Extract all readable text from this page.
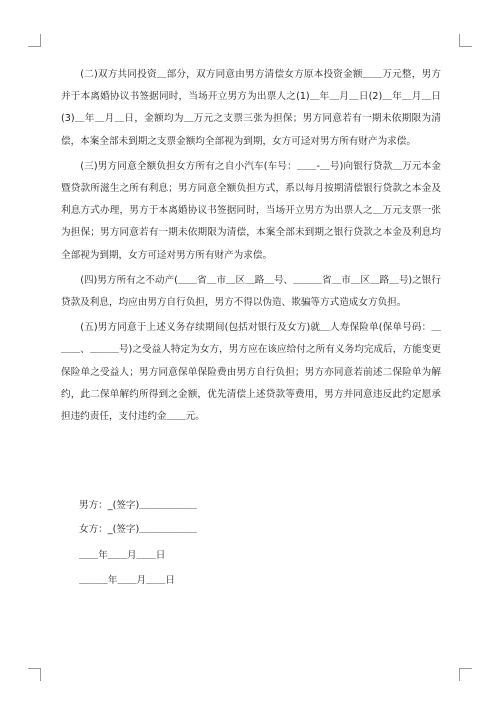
(二)双方共同投资＿部分，双方同意由男方清偿女方原本投资金额＿＿万元整，男方并于本离婚协议书签据同时，当场开立男方为出票人之(1)＿年＿月＿日(2)＿年＿月＿日(3)＿年＿月＿日，金额均为＿万元之支票三张为担保；男方同意若有一期未依期限为清偿，本案全部未到期之支票金额均全部视为到期，女方可迳对男方所有财产为求偿。

(三)男方同意全额负担女方所有之自小汽车(车号：＿＿-＿号)向银行贷款＿万元本金暨贷款所滋生之所有利息；男方同意全额负担方式，系以每月按期清偿银行贷款之本金及利息方式办理，男方于本离婚协议书签据同时，当场开立男方为出票人之＿万元支票一张为担保；男方同意若有一期未依期限为清偿，本案全部未到期之银行贷款之本金及利息均全部视为到期，女方可迳对男方所有财产为求偿。

(四)男方所有之不动产(＿＿省＿市＿区＿路＿号、＿＿＿省＿市＿区＿路＿号)之银行贷款及利息，均应由男方自行负担，男方不得以伪造、欺骗等方式造成女方负担。

(五)男方同意于上述义务存续期间(包括对银行及女方)就＿人寿保险单(保单号码：＿＿＿、＿＿＿号)之受益人特定为女方，男方应在该应给付之所有义务均完成后，方能变更保险单之受益人；男方同意保单保险费由男方自行负担；男方亦同意若前述二保险单为解约，此二保单解约所得到之金额，优先清偿上述贷款等费用，男方并同意违反此约定愿承担违约责任，支付违约金＿＿元。

男方：_(签字)＿＿＿＿＿＿
女方：_(签字)＿＿＿＿＿＿
＿＿年＿＿月＿＿日
＿＿＿年＿＿月＿＿日
